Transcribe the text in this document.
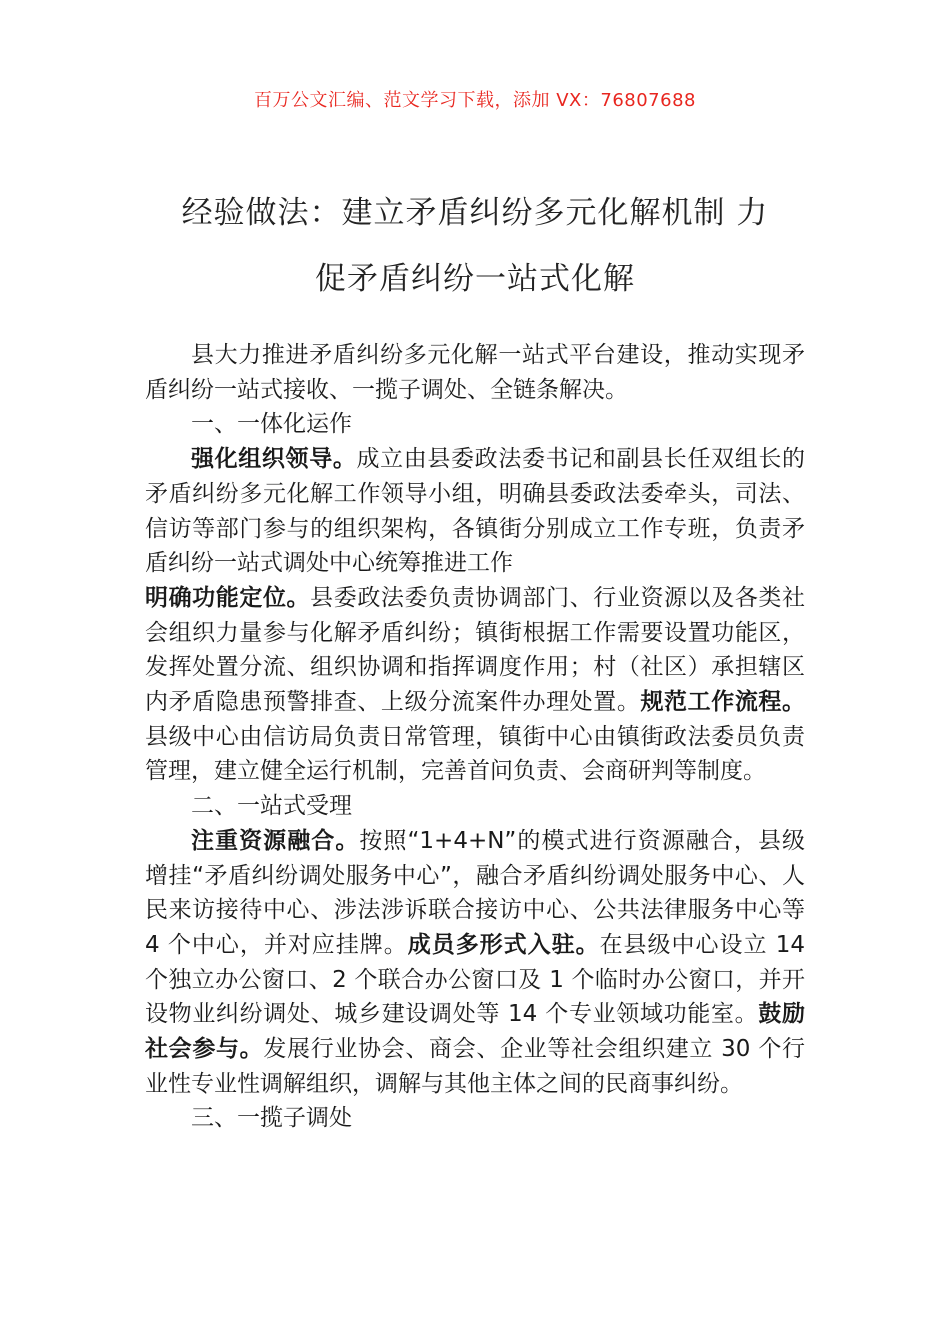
百万公文汇编、范文学习下载，添加 VX：76807688
经验做法：建立矛盾纠纷多元化解机制 力
促矛盾纠纷一站式化解

县大力推进矛盾纠纷多元化解一站式平台建设，推动实现矛盾纠纷一站式接收、一揽子调处、全链条解决。

一、一体化运作

强化组织领导。成立由县委政法委书记和副县长任双组长的矛盾纠纷多元化解工作领导小组，明确县委政法委牵头，司法、信访等部门参与的组织架构，各镇街分别成立工作专班，负责矛盾纠纷一站式调处中心统筹推进工作

明确功能定位。县委政法委负责协调部门、行业资源以及各类社会组织力量参与化解矛盾纠纷；镇街根据工作需要设置功能区，发挥处置分流、组织协调和指挥调度作用；村（社区）承担辖区内矛盾隐患预警排查、上级分流案件办理处置。规范工作流程。县级中心由信访局负责日常管理，镇街中心由镇街政法委员负责管理，建立健全运行机制，完善首问负责、会商研判等制度。

二、一站式受理

注重资源融合。按照“1+4+N”的模式进行资源融合，县级增挂“矛盾纠纷调处服务中心”，融合矛盾纠纷调处服务中心、人民来访接待中心、涉法涉诉联合接访中心、公共法律服务中心等 4 个中心，并对应挂牌。成员多形式入驻。在县级中心设立 14 个独立办公窗口、2 个联合办公窗口及 1 个临时办公窗口，并开设物业纠纷调处、城乡建设调处等 14 个专业领域功能室。鼓励社会参与。发展行业协会、商会、企业等社会组织建立 30 个行业性专业性调解组织，调解与其他主体之间的民商事纠纷。

三、一揽子调处
